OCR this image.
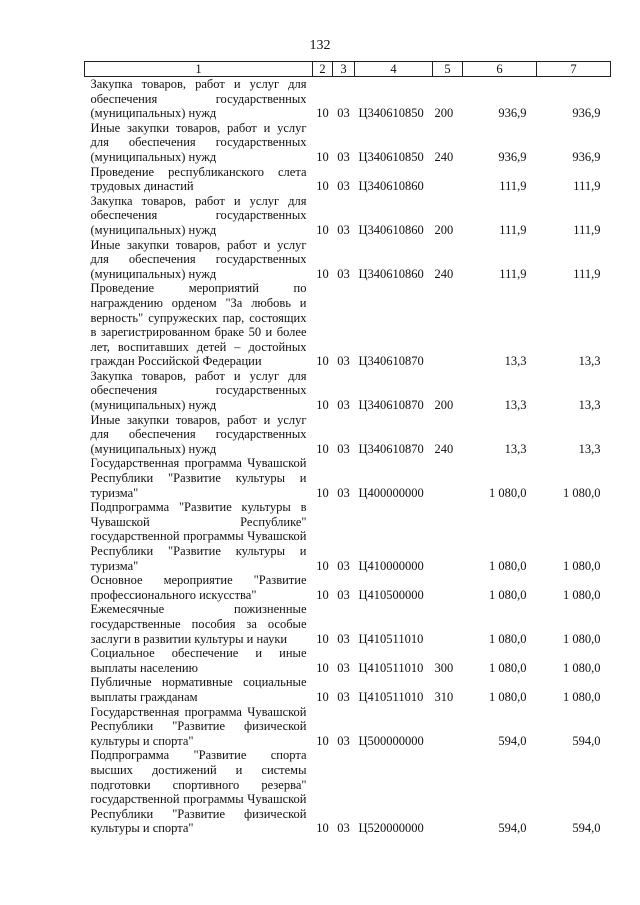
132
1	2	3	4	5	6	7
Закупка товаров, работ и услуг для обеспечения государственных (муниципальных) нужд	10	03	Ц340610850	200	936,9	936,9
Иные закупки товаров, работ и услуг для обеспечения государственных (муниципальных) нужд	10	03	Ц340610850	240	936,9	936,9
Проведение республиканского слета трудовых династий	10	03	Ц340610860		111,9	111,9
Закупка товаров, работ и услуг для обеспечения государственных (муниципальных) нужд	10	03	Ц340610860	200	111,9	111,9
Иные закупки товаров, работ и услуг для обеспечения государственных (муниципальных) нужд	10	03	Ц340610860	240	111,9	111,9
Проведение мероприятий по награждению орденом "За любовь и верность" супружеских пар, состоящих в зарегистрированном браке 50 и более лет, воспитавших детей – достойных граждан Российской Федерации	10	03	Ц340610870		13,3	13,3
Закупка товаров, работ и услуг для обеспечения государственных (муниципальных) нужд	10	03	Ц340610870	200	13,3	13,3
Иные закупки товаров, работ и услуг для обеспечения государственных (муниципальных) нужд	10	03	Ц340610870	240	13,3	13,3
Государственная программа Чувашской Республики "Развитие культуры и туризма"	10	03	Ц400000000		1 080,0	1 080,0
Подпрограмма "Развитие культуры в Чувашской Республике" государственной программы Чувашской Республики "Развитие культуры и туризма"	10	03	Ц410000000		1 080,0	1 080,0
Основное мероприятие "Развитие профессионального искусства"	10	03	Ц410500000		1 080,0	1 080,0
Ежемесячные пожизненные государственные пособия за особые заслуги в развитии культуры и науки	10	03	Ц410511010		1 080,0	1 080,0
Социальное обеспечение и иные выплаты населению	10	03	Ц410511010	300	1 080,0	1 080,0
Публичные нормативные социальные выплаты гражданам	10	03	Ц410511010	310	1 080,0	1 080,0
Государственная программа Чувашской Республики "Развитие физической культуры и спорта"	10	03	Ц500000000		594,0	594,0
Подпрограмма "Развитие спорта высших достижений и системы подготовки спортивного резерва" государственной программы Чувашской Республики "Развитие физической культуры и спорта"	10	03	Ц520000000		594,0	594,0
